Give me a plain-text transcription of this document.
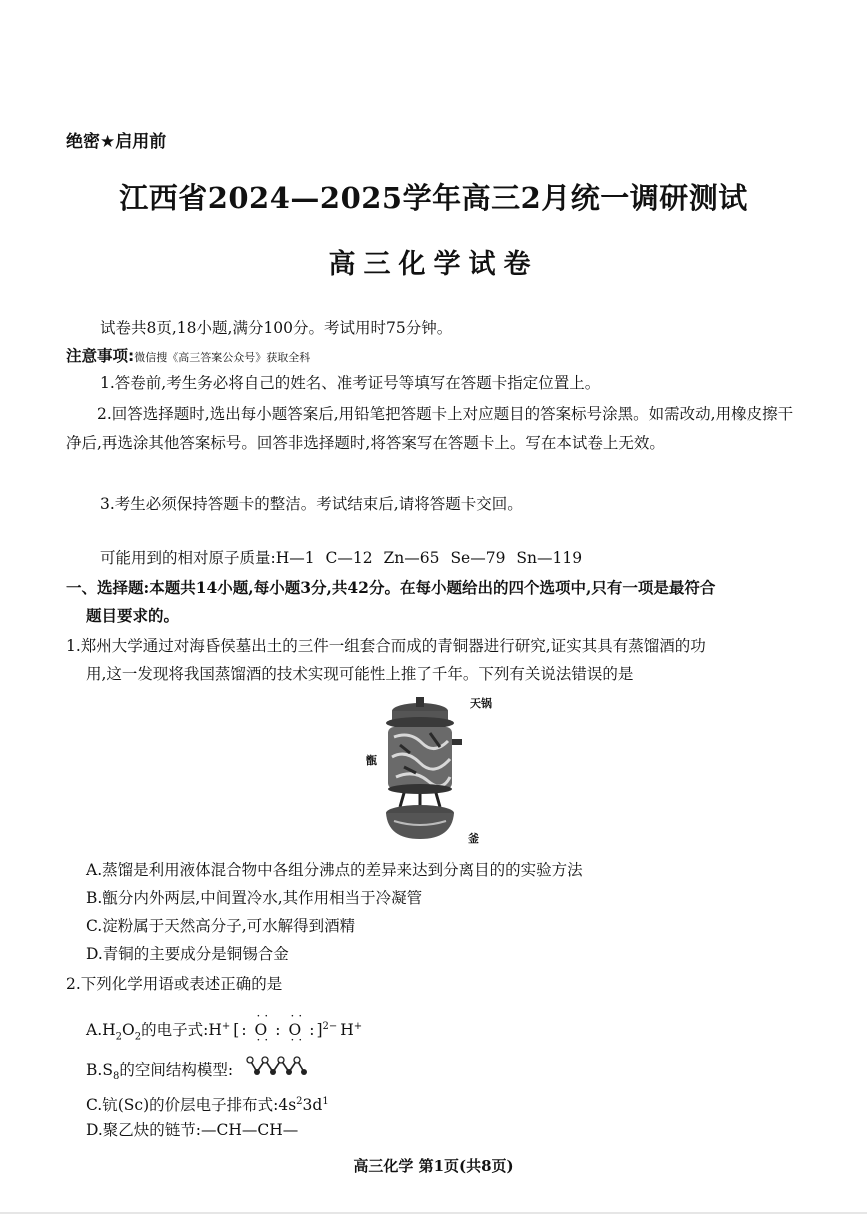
绝密★启用前
江西省2024—2025学年高三2月统一调研测试
高三化学试卷
试卷共8页,18小题,满分100分。考试用时75分钟。
注意事项:微信搜《高三答案公众号》获取全科
1.答卷前,考生务必将自己的姓名、准考证号等填写在答题卡指定位置上。
2.回答选择题时,选出每小题答案后,用铅笔把答题卡上对应题目的答案标号涂黑。如需改动,用橡皮擦干净后,再选涂其他答案标号。回答非选择题时,将答案写在答题卡上。写在本试卷上无效。
3.考生必须保持答题卡的整洁。考试结束后,请将答题卡交回。
可能用到的相对原子质量:H—1 C—12 Zn—65 Se—79 Sn—119
一、选择题:本题共14小题,每小题3分,共42分。在每小题给出的四个选项中,只有一项是最符合
题目要求的。
1.郑州大学通过对海昏侯墓出土的三件一组套合而成的青铜器进行研究,证实其具有蒸馏酒的功
用,这一发现将我国蒸馏酒的技术实现可能性上推了千年。下列有关说法错误的是
天锅
甑
釜
A.蒸馏是利用液体混合物中各组分沸点的差异来达到分离目的的实验方法
B.甑分内外两层,中间置冷水,其作用相当于冷凝管
C.淀粉属于天然高分子,可水解得到酒精
D.青铜的主要成分是铜锡合金
2.下列化学用语或表述正确的是
$A.H_2O_2$的电子式:H+ [ :
··
O
··
:
··
O
··
: ]$^{2-}$ H+
$B.S_8$的空间结构模型:
C.钪(Sc)的价层电子排布式$:4s^23d^1$
D.聚乙炔的链节:—CH—CH—
高三化学 第1页(共8页)
